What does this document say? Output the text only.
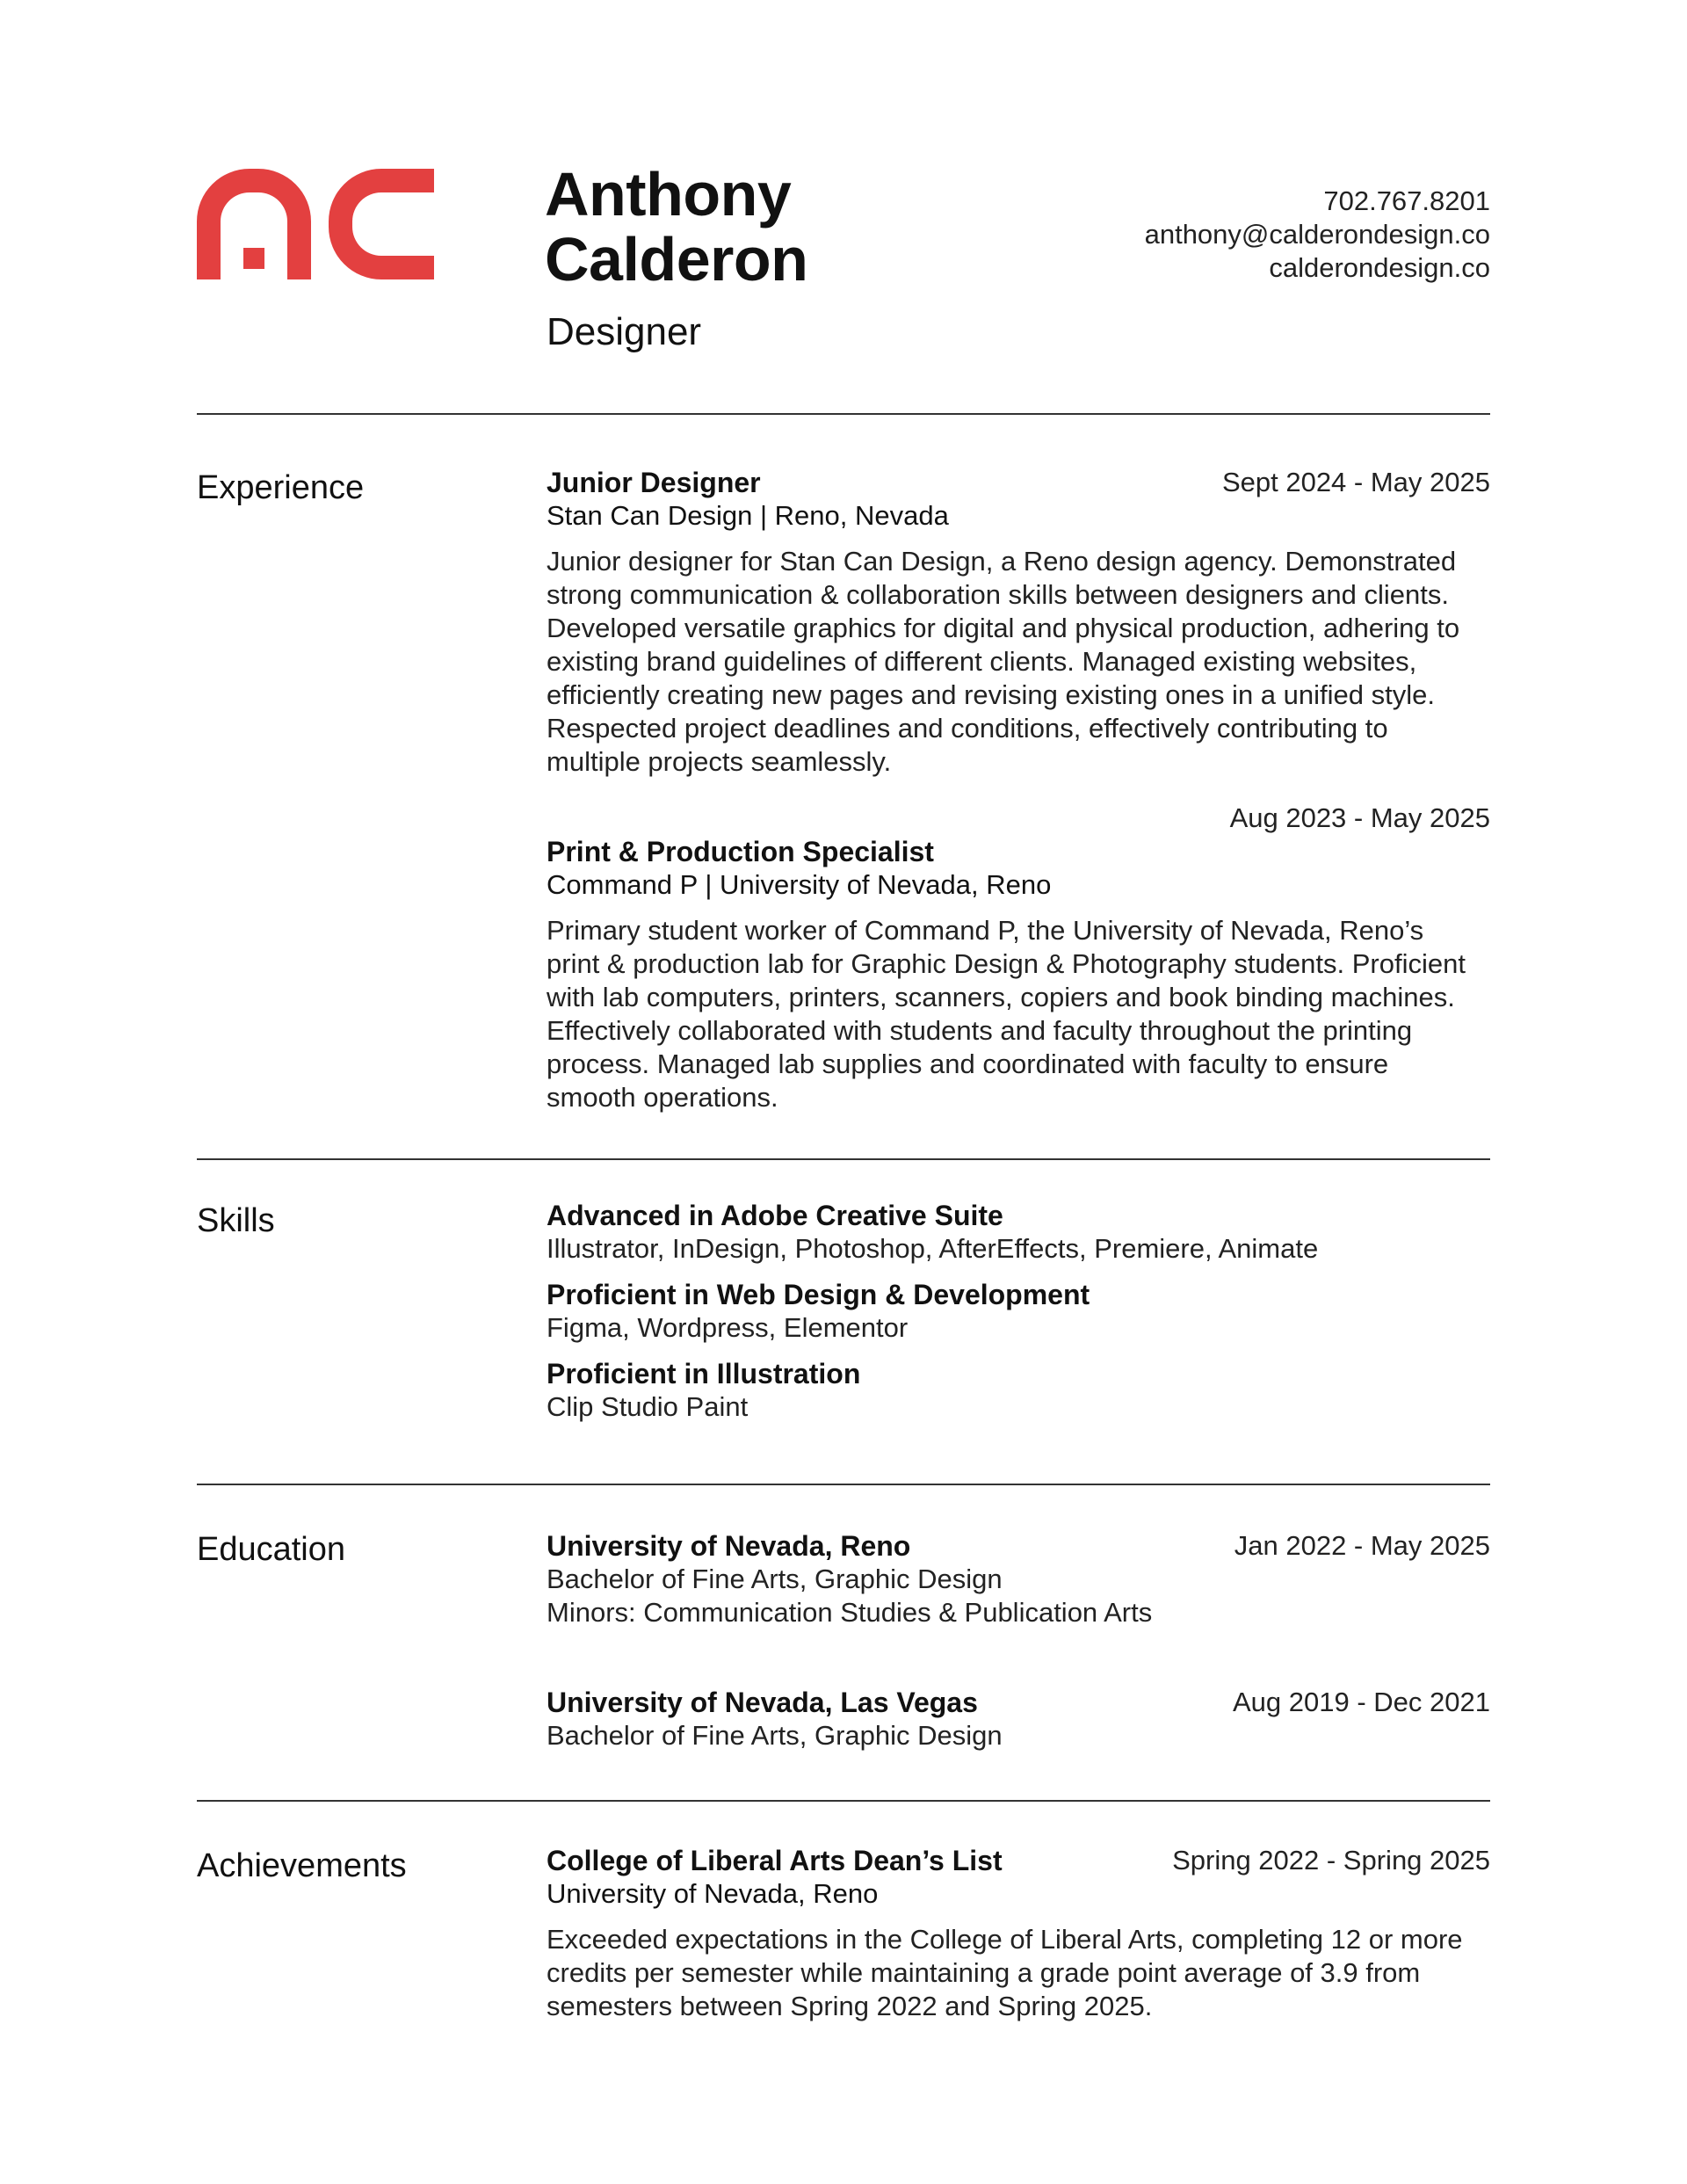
Anthony
Calderon
Designer
702.767.8201
anthony@calderondesign.co
calderondesign.co
Experience	Sept 2024 - May 2025
Junior Designer
Stan Can Design | Reno, Nevada
Junior designer for Stan Can Design, a Reno design agency. Demonstrated strong communication & collaboration skills between designers and clients. Developed versatile graphics for digital and physical production, adhering to existing brand guidelines of different clients. Managed existing websites, efficiently creating new pages and revising existing ones in a unified style. Respected project deadlines and conditions, effectively contributing to multiple projects seamlessly.
Aug 2023 - May 2025
Print & Production Specialist
Command P | University of Nevada, Reno
Primary student worker of Command P, the University of Nevada, Reno’s print & production lab for Graphic Design & Photography students. Proficient with lab computers, printers, scanners, copiers and book binding machines. Effectively collaborated with students and faculty throughout the printing process. Managed lab supplies and coordinated with faculty to ensure smooth operations.
Skills	Advanced in Adobe Creative Suite
Illustrator, InDesign, Photoshop, AfterEffects, Premiere, Animate
Proficient in Web Design & Development
Figma, Wordpress, Elementor
Proficient in Illustration
Clip Studio Paint
Education	Jan 2022 - May 2025
University of Nevada, Reno
Bachelor of Fine Arts, Graphic Design
Minors: Communication Studies & Publication Arts
Aug 2019 - Dec 2021
University of Nevada, Las Vegas
Bachelor of Fine Arts, Graphic Design
Achievements	Spring 2022 - Spring 2025
College of Liberal Arts Dean’s List
University of Nevada, Reno
Exceeded expectations in the College of Liberal Arts, completing 12 or more credits per semester while maintaining a grade point average of 3.9 from semesters between Spring 2022 and Spring 2025.
